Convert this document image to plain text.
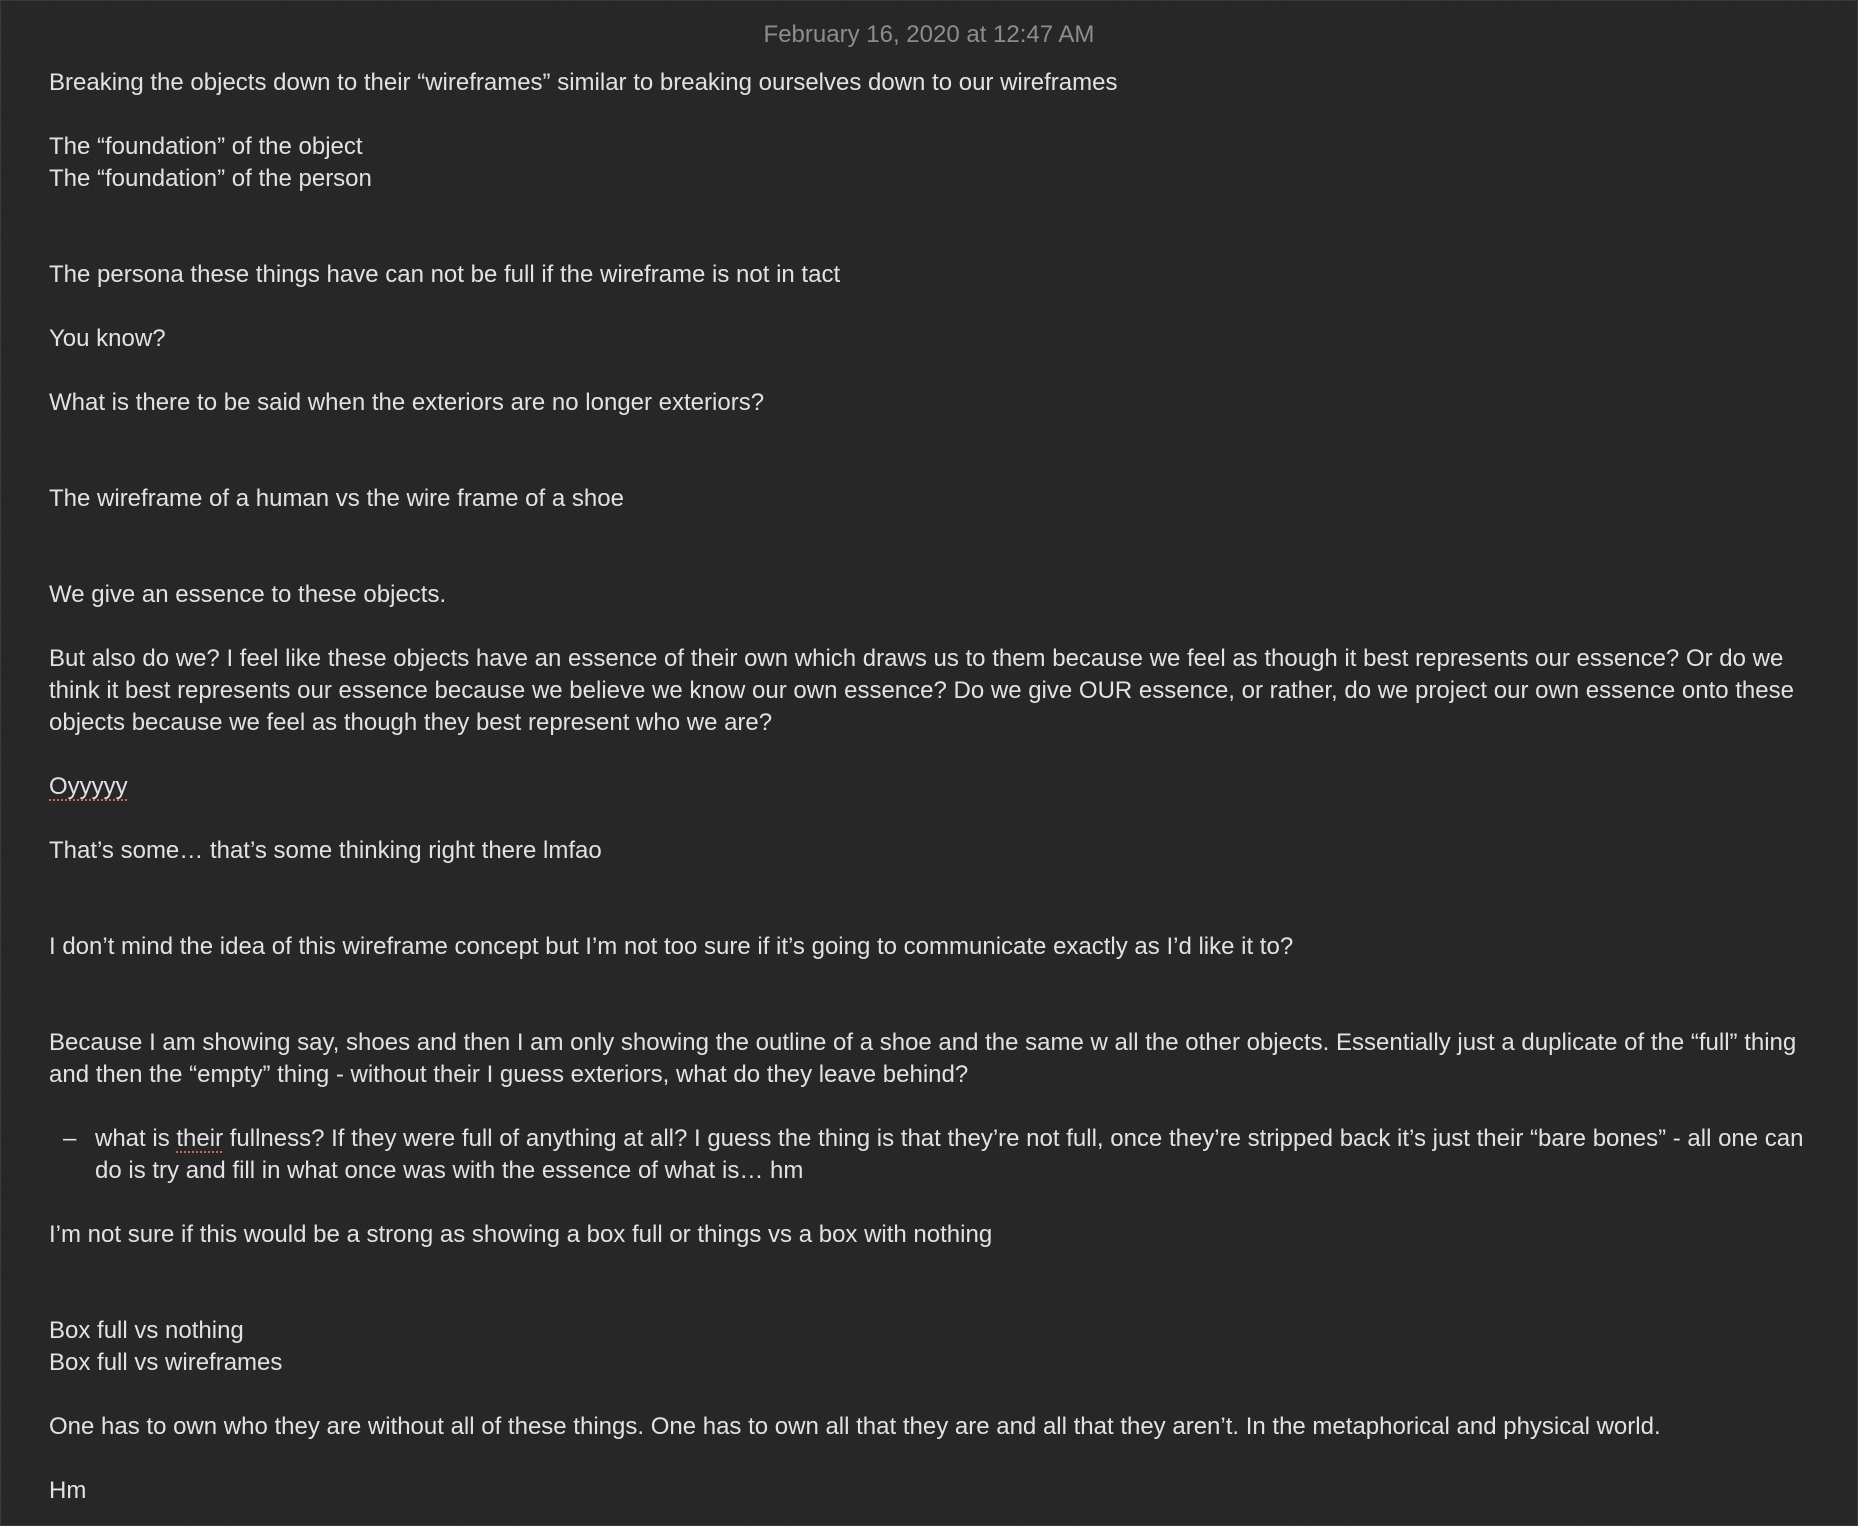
February 16, 2020 at 12:47 AM
Breaking the objects down to their “wireframes” similar to breaking ourselves down to our wireframes
The “foundation” of the object
The “foundation” of the person
The persona these things have can not be full if the wireframe is not in tact
You know?
What is there to be said when the exteriors are no longer exteriors?
The wireframe of a human vs the wire frame of a shoe
We give an essence to these objects.
But also do we? I feel like these objects have an essence of their own which draws us to them because we feel as though it best represents our essence? Or do we think it best represents our essence because we believe we know our own essence? Do we give OUR essence, or rather, do we project our own essence onto these objects because we feel as though they best represent who we are?
Oyyyyy
That’s some… that’s some thinking right there lmfao
I don’t mind the idea of this wireframe concept but I’m not too sure if it’s going to communicate exactly as I’d like it to?
Because I am showing say, shoes and then I am only showing the outline of a shoe and the same w all the other objects. Essentially just a duplicate of the “full” thing and then the “empty” thing - without their I guess exteriors, what do they leave behind?
– what is their fullness? If they were full of anything at all? I guess the thing is that they’re not full, once they’re stripped back it’s just their “bare bones” - all one can do is try and fill in what once was with the essence of what is… hm
I’m not sure if this would be a strong as showing a box full or things vs a box with nothing
Box full vs nothing
Box full vs wireframes
One has to own who they are without all of these things. One has to own all that they are and all that they aren’t. In the metaphorical and physical world.
Hm
